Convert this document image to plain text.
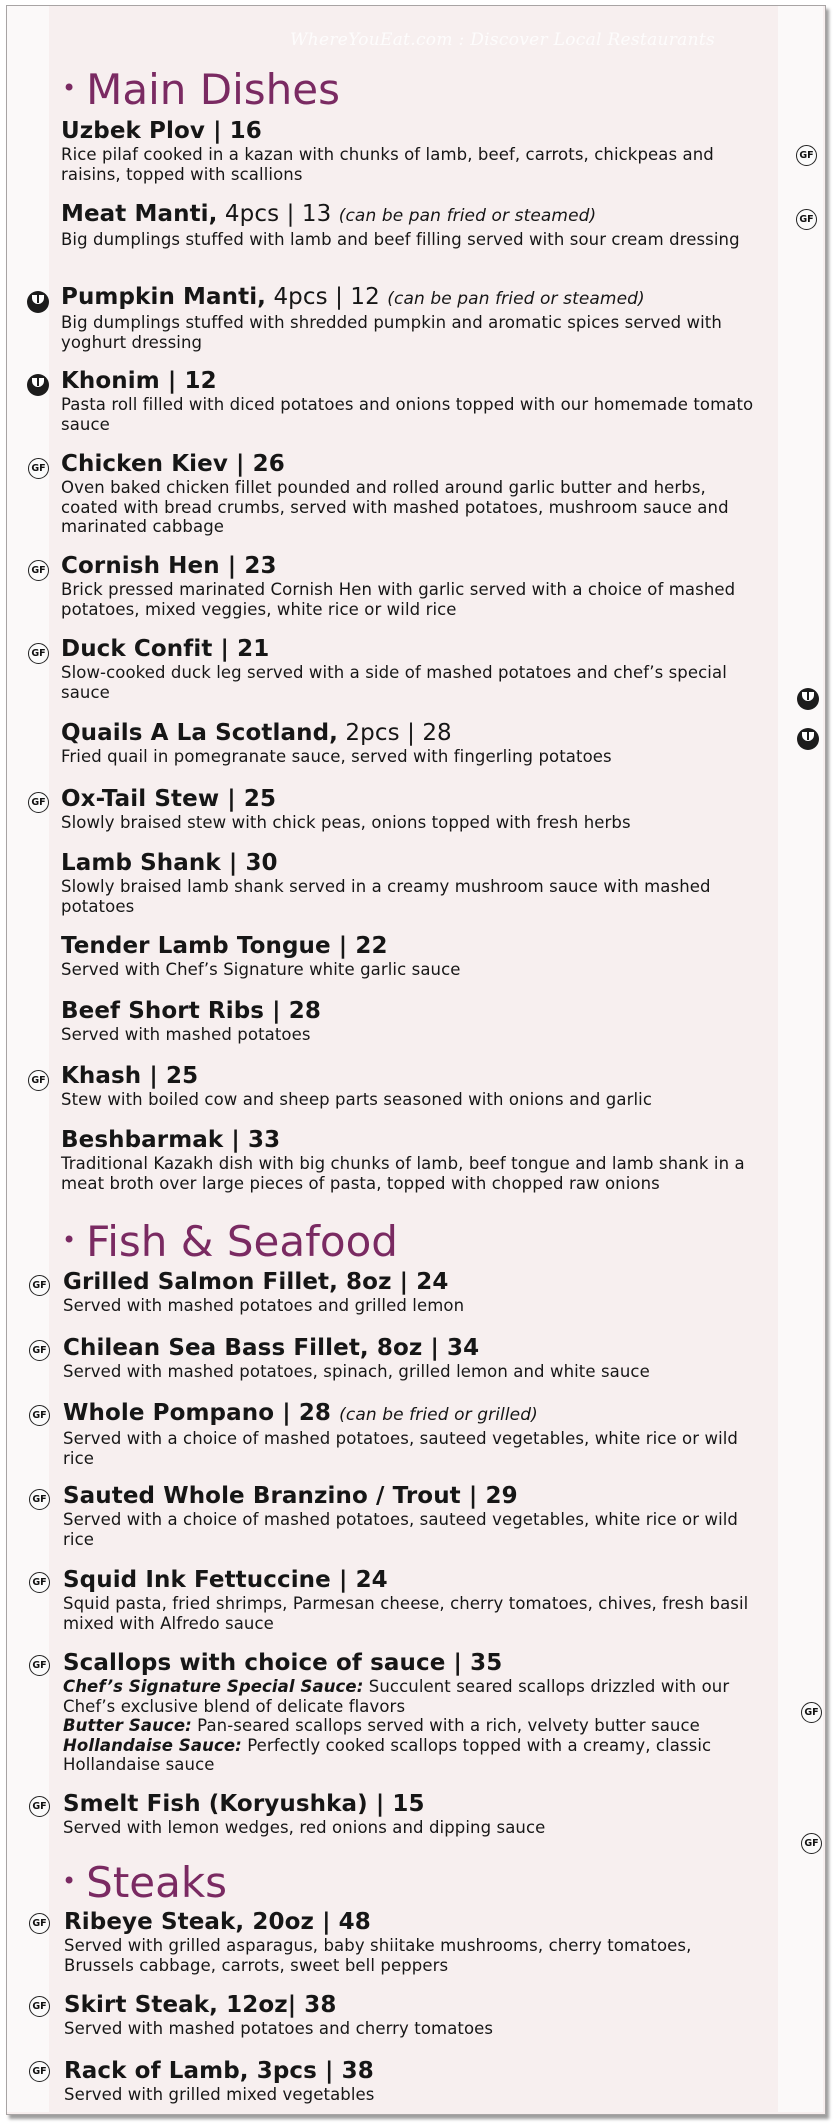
WhereYouEat.com : Discover Local Restaurants
• Main Dishes
• Fish & Seafood
• Steaks
Uzbek Plov | 16
Rice pilaf cooked in a kazan with chunks of lamb, beef, carrots, chickpeas and raisins, topped with scallions
Meat Manti, 4pcs | 13 (can be pan fried or steamed)
Big dumplings stuffed with lamb and beef filling served with sour cream dressing
Pumpkin Manti, 4pcs | 12 (can be pan fried or steamed)
Big dumplings stuffed with shredded pumpkin and aromatic spices served with yoghurt dressing
Khonim | 12
Pasta roll filled with diced potatoes and onions topped with our homemade tomato sauce
Chicken Kiev | 26
Oven baked chicken fillet pounded and rolled around garlic butter and herbs, coated with bread crumbs, served with mashed potatoes, mushroom sauce and marinated cabbage
Cornish Hen | 23
Brick pressed marinated Cornish Hen with garlic served with a choice of mashed potatoes, mixed veggies, white rice or wild rice
Duck Confit | 21
Slow-cooked duck leg served with a side of mashed potatoes and chef’s special sauce
Quails A La Scotland, 2pcs | 28
Fried quail in pomegranate sauce, served with fingerling potatoes
Ox-Tail Stew | 25
Slowly braised stew with chick peas, onions topped with fresh herbs
Lamb Shank | 30
Slowly braised lamb shank served in a creamy mushroom sauce with mashed potatoes
Tender Lamb Tongue | 22
Served with Chef’s Signature white garlic sauce
Beef Short Ribs | 28
Served with mashed potatoes
Khash | 25
Stew with boiled cow and sheep parts seasoned with onions and garlic
Beshbarmak | 33
Traditional Kazakh dish with big chunks of lamb, beef tongue and lamb shank in a meat broth over large pieces of pasta, topped with chopped raw onions
Grilled Salmon Fillet, 8oz | 24
Served with mashed potatoes and grilled lemon
Chilean Sea Bass Fillet, 8oz | 34
Served with mashed potatoes, spinach, grilled lemon and white sauce
Whole Pompano | 28 (can be fried or grilled)
Served with a choice of mashed potatoes, sauteed vegetables, white rice or wild rice
Sauted Whole Branzino / Trout | 29
Served with a choice of mashed potatoes, sauteed vegetables, white rice or wild rice
Squid Ink Fettuccine | 24
Squid pasta, fried shrimps, Parmesan cheese, cherry tomatoes, chives, fresh basil mixed with Alfredo sauce
Scallops with choice of sauce | 35
Chef’s Signature Special Sauce: Succulent seared scallops drizzled with our Chef’s exclusive blend of delicate flavors
Butter Sauce: Pan-seared scallops served with a rich, velvety butter sauce
Hollandaise Sauce: Perfectly cooked scallops topped with a creamy, classic Hollandaise sauce
Smelt Fish (Koryushka) | 15
Served with lemon wedges, red onions and dipping sauce
Ribeye Steak, 20oz | 48
Served with grilled asparagus, baby shiitake mushrooms, cherry tomatoes, Brussels cabbage, carrots, sweet bell peppers
Skirt Steak, 12oz| 38
Served with mashed potatoes and cherry tomatoes
Rack of Lamb, 3pcs | 38
Served with grilled mixed vegetables
GF
GF
GF
GF
GF
GF
GF
GF
GF
GF
GF
GF
GF
GF
GF
GF
GF
GF
GF
